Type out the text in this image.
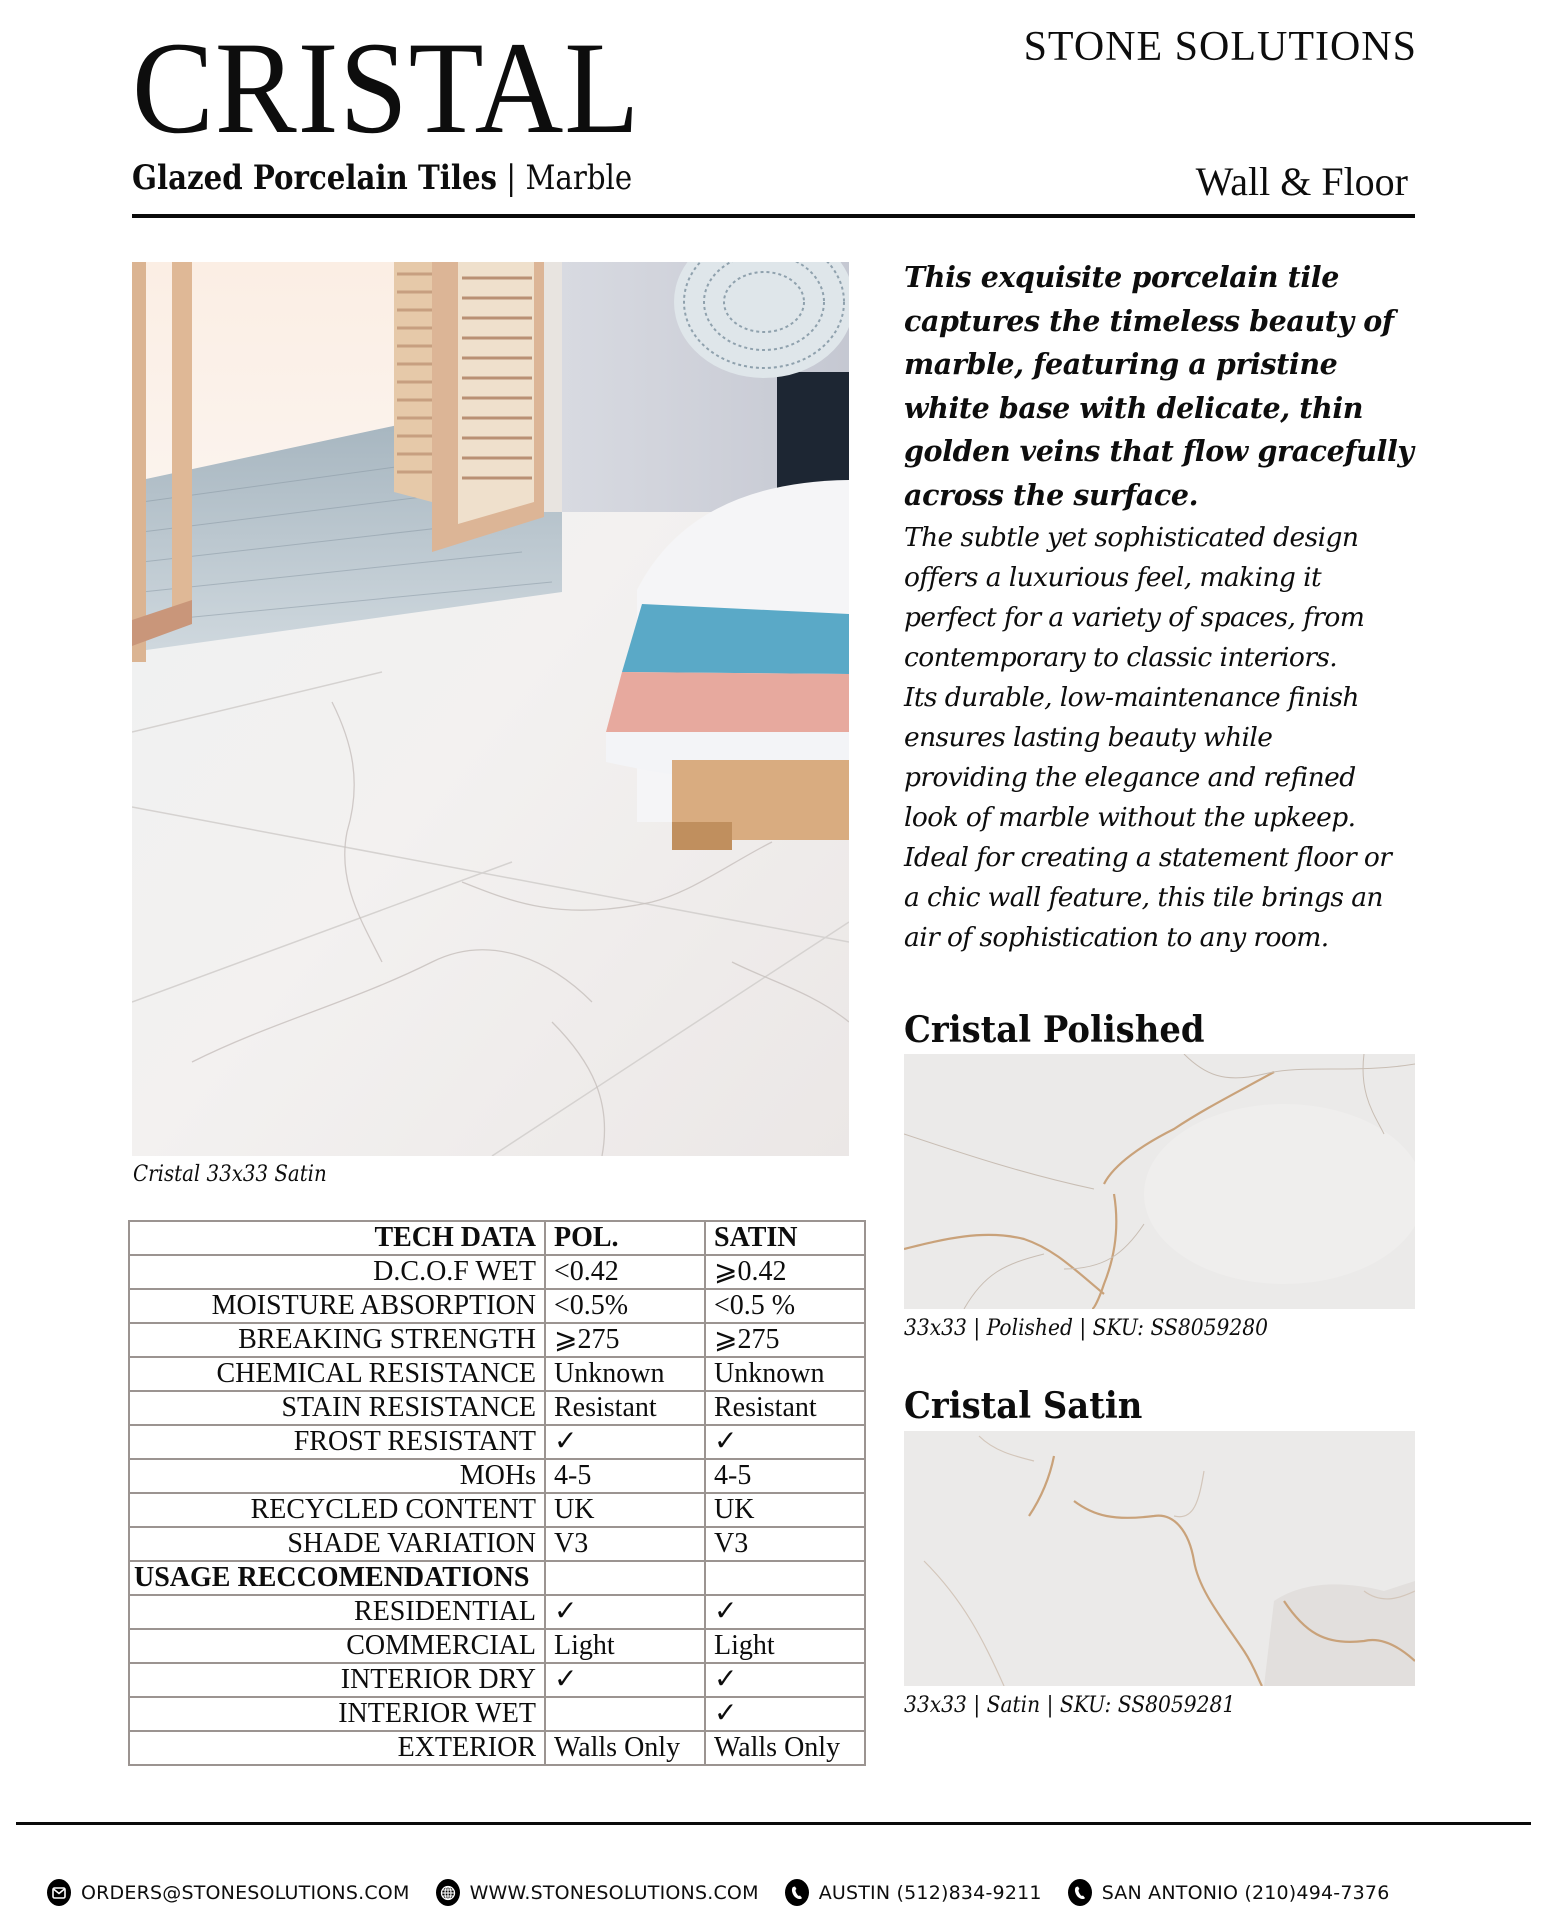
CRISTAL	STONE SOLUTIONS
Glazed Porcelain Tiles | Marble	Wall & Floor
Cristal 33x33 Satin
This exquisite porcelain tile captures the timeless beauty of marble, featuring a pristine white base with delicate, thin golden veins that flow gracefully across the surface.
The subtle yet sophisticated design
offers a luxurious feel, making it
perfect for a variety of spaces, from
contemporary to classic interiors.
Its durable, low-maintenance finish
ensures lasting beauty while
providing the elegance and refined
look of marble without the upkeep.
Ideal for creating a statement floor or
a chic wall feature, this tile brings an
air of sophistication to any room.
Cristal Polished
33x33 | Polished | SKU: SS8059280
Cristal Satin
33x33 | Satin | SKU: SS8059281
TECH DATA	POL.	SATIN
D.C.O.F WET	<0.42	⩾0.42
MOISTURE ABSORPTION	<0.5%	<0.5 %
BREAKING STRENGTH	⩾275	⩾275
CHEMICAL RESISTANCE	Unknown	Unknown
STAIN RESISTANCE	Resistant	Resistant
FROST RESISTANT	✓	✓
MOHs	4-5	4-5
RECYCLED CONTENT	UK	UK
SHADE VARIATION	V3	V3
USAGE RECCOMENDATIONS		
RESIDENTIAL	✓	✓
COMMERCIAL	Light	Light
INTERIOR DRY	✓	✓
INTERIOR WET		✓
EXTERIOR	Walls Only	Walls Only
ORDERS@STONESOLUTIONS.COM	WWW.STONESOLUTIONS.COM	AUSTIN (512)834-9211	SAN ANTONIO (210)494-7376
